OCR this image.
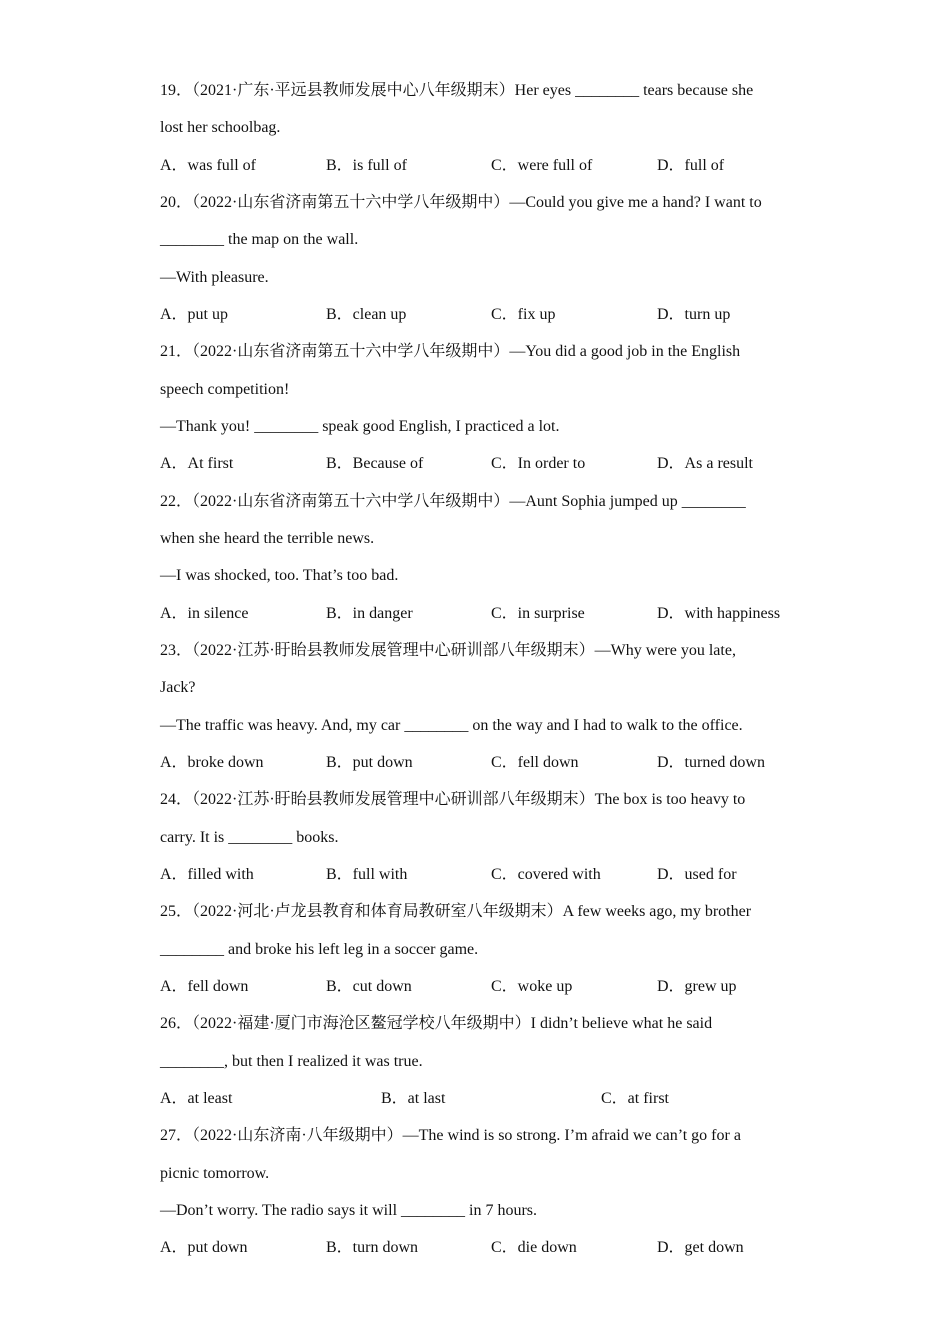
19．（2021·广东·平远县教师发展中心八年级期末）Her eyes ________ tears because she
lost her schoolbag.
A．was full of	B．is full of	C．were full of	D．full of
20．（2022·山东省济南第五十六中学八年级期中）—Could you give me a hand? I want to
________ the map on the wall.
—With pleasure.
A．put up	B．clean up	C．fix up	D．turn up
21．（2022·山东省济南第五十六中学八年级期中）—You did a good job in the English
speech competition!
—Thank you! ________ speak good English, I practiced a lot.
A．At first	B．Because of	C．In order to	D．As a result
22．（2022·山东省济南第五十六中学八年级期中）—Aunt Sophia jumped up ________
when she heard the terrible news.
—I was shocked, too. That’s too bad.
A．in silence	B．in danger	C．in surprise	D．with happiness
23．（2022·江苏·盱眙县教师发展管理中心研训部八年级期末）—Why were you late,
Jack?
—The traffic was heavy. And, my car ________ on the way and I had to walk to the office.
A．broke down	B．put down	C．fell down	D．turned down
24．（2022·江苏·盱眙县教师发展管理中心研训部八年级期末）The box is too heavy to
carry. It is ________ books.
A．filled with	B．full with	C．covered with	D．used for
25．（2022·河北·卢龙县教育和体育局教研室八年级期末）A few weeks ago, my brother
________ and broke his left leg in a soccer game.
A．fell down	B．cut down	C．woke up	D．grew up
26．（2022·福建·厦门市海沧区鳌冠学校八年级期中）I didn’t believe what he said
________, but then I realized it was true.
A．at least	B．at last	C．at first
27．（2022·山东济南·八年级期中）—The wind is so strong. I’m afraid we can’t go for a
picnic tomorrow.
—Don’t worry. The radio says it will ________ in 7 hours.
A．put down	B．turn down	C．die down	D．get down
